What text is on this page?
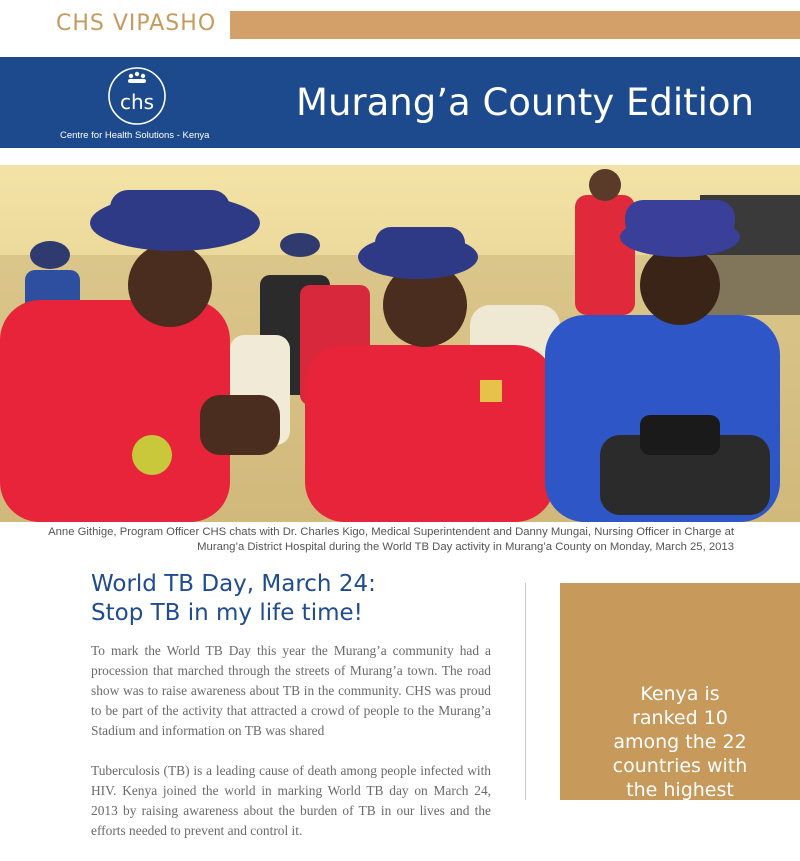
CHS VIPASHO
chs
Centre for Health Solutions - Kenya
Murang’a County Edition
Anne Githige, Program Officer CHS chats with Dr. Charles Kigo, Medical Superintendent and Danny Mungai, Nursing Officer in Charge at
Murang’a District Hospital during the World TB Day activity in Murang’a County on Monday, March 25, 2013
World TB Day, March 24:
Stop TB in my life time!

To mark the World TB Day this year the Murang’a community had a procession that marched through the streets of Murang’a town. The road show was to raise awareness about TB in the community. CHS was proud to be part of the activity that attracted a crowd of people to the Murang’a Stadium and information on TB was shared

Tuberculosis (TB) is a leading cause of death among people infected with HIV. Kenya joined the world in marking World TB day on March 24, 2013 by raising awareness about the burden of TB in our lives and the efforts needed to prevent and control it.

Kenya is
ranked 10
among the 22
countries with
the highest
TB burden
